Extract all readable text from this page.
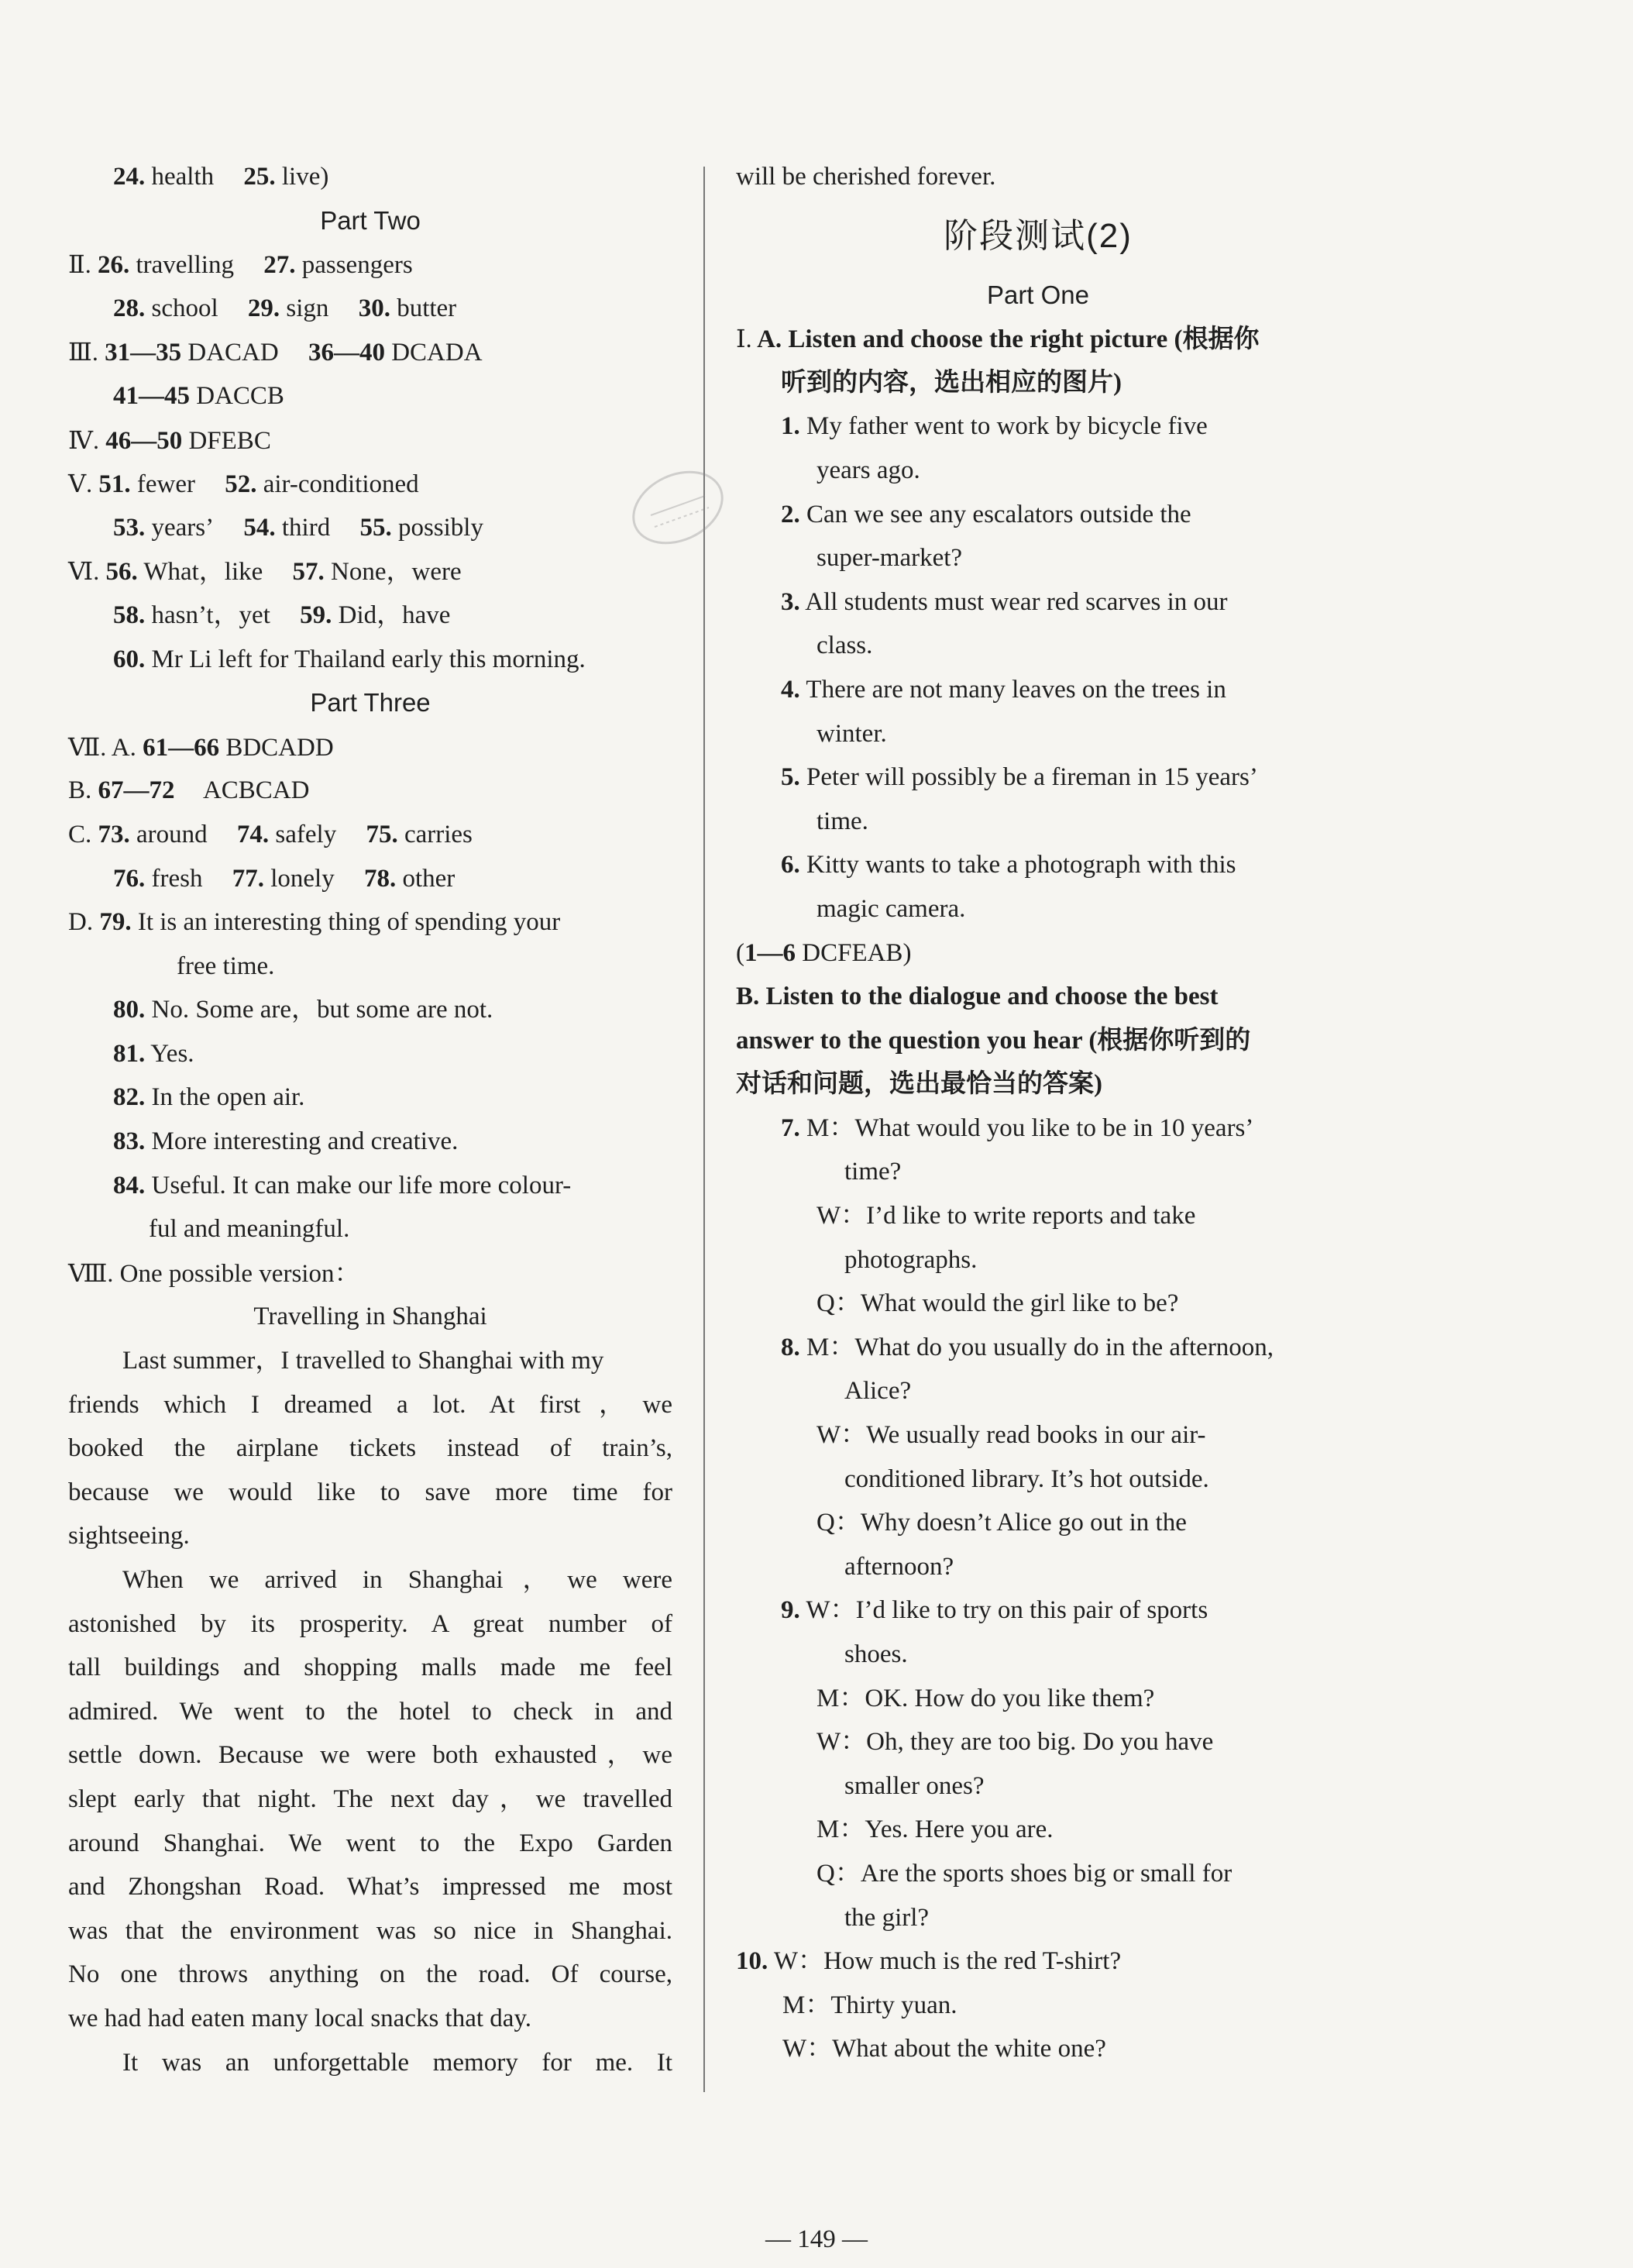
24. health 25. live)
Part Two
Ⅱ. 26. travelling 27. passengers
28. school 29. sign 30. butter
Ⅲ. 31—35 DACAD 36—40 DCADA
41—45 DACCB
Ⅳ. 46—50 DFEBC
Ⅴ. 51. fewer 52. air-conditioned
53. years’ 54. third 55. possibly
Ⅵ. 56. What，like 57. None，were
58. hasn’t，yet 59. Did，have
60. Mr Li left for Thailand early this morning.
Part Three
Ⅶ. A. 61—66 BDCADD
B. 67—72 ACBCAD
C. 73. around 74. safely 75. carries
76. fresh 77. lonely 78. other
D. 79. It is an interesting thing of spending your
free time.
80. No. Some are，but some are not.
81. Yes.
82. In the open air.
83. More interesting and creative.
84. Useful. It can make our life more colour-
ful and meaningful.
Ⅷ. One possible version：
Travelling in Shanghai
Last summer，I travelled to Shanghai with my
friends which I dreamed a lot. At first，we
booked the airplane tickets instead of train’s,
because we would like to save more time for
sightseeing.
When we arrived in Shanghai，we were
astonished by its prosperity. A great number of
tall buildings and shopping malls made me feel
admired. We went to the hotel to check in and
settle down. Because we were both exhausted，we
slept early that night. The next day，we travelled
around Shanghai. We went to the Expo Garden
and Zhongshan Road. What’s impressed me most
was that the environment was so nice in Shanghai.
No one throws anything on the road. Of course,
we had had eaten many local snacks that day.
It was an unforgettable memory for me. It
will be cherished forever.
阶段测试(2)
Part One
Ⅰ. A. Listen and choose the right picture (根据你
听到的内容，选出相应的图片)
1. My father went to work by bicycle five
years ago.
2. Can we see any escalators outside the
super-market?
3. All students must wear red scarves in our
class.
4. There are not many leaves on the trees in
winter.
5. Peter will possibly be a fireman in 15 years’
time.
6. Kitty wants to take a photograph with this
magic camera.
(1—6 DCFEAB)
B. Listen to the dialogue and choose the best
answer to the question you hear (根据你听到的
对话和问题，选出最恰当的答案)
7. M：What would you like to be in 10 years’
time?
W：I’d like to write reports and take
photographs.
Q：What would the girl like to be?
8. M：What do you usually do in the afternoon,
Alice?
W：We usually read books in our air-
conditioned library. It’s hot outside.
Q：Why doesn’t Alice go out in the
afternoon?
9. W：I’d like to try on this pair of sports
shoes.
M：OK. How do you like them?
W：Oh, they are too big. Do you have
smaller ones?
M：Yes. Here you are.
Q：Are the sports shoes big or small for
the girl?
10. W：How much is the red T-shirt?
M：Thirty yuan.
W：What about the white one?
— 149 —
